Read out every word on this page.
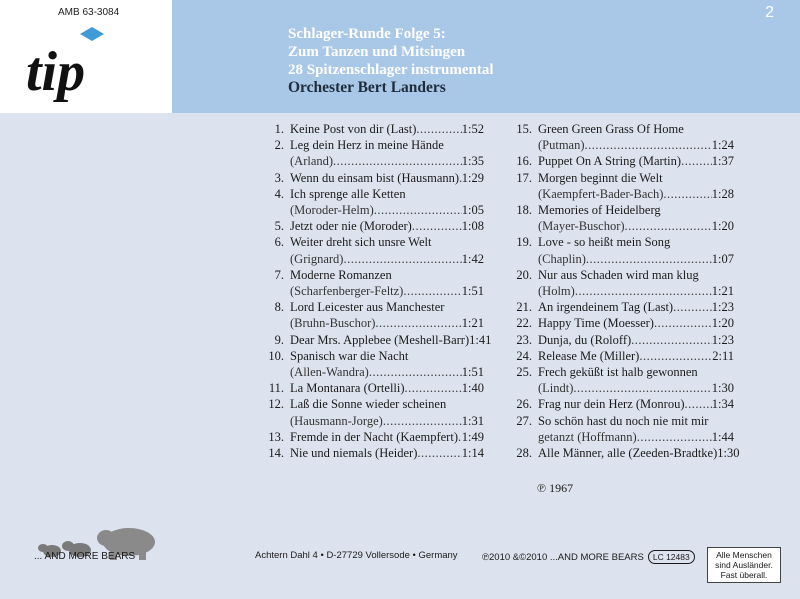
AMB 63-3084
tip
2
Schlager-Runde Folge 5:
Zum Tanzen und Mitsingen
28 Spitzenschlager instrumental
Orchester Bert Landers
1. Keine Post von dir (Last) .....	1:52
2. Leg dein Herz in meine Hände
(Arland) .....	1:35
3. Wenn du einsam bist (Hausmann) ..... 1:29
4. Ich sprenge alle Ketten
(Moroder-Helm) .....	1:05
5. Jetzt oder nie (Moroder) .....	1:08
6. Weiter dreht sich unsre Welt
(Grignard) .....	1:42
7. Moderne Romanzen
(Scharfenberger-Feltz) .....	1:51
8. Lord Leicester aus Manchester
(Bruhn-Buschor) .....	1:21
9. Dear Mrs. Applebee (Meshell-Barr) 1:41
10. Spanisch war die Nacht
(Allen-Wandra) .....	1:51
11. La Montanara (Ortelli) .....	1:40
12. Laß die Sonne wieder scheinen
(Hausmann-Jorge) .....	1:31
13. Fremde in der Nacht (Kaempfert) ..... 1:49
14. Nie und niemals (Heider) .....	1:14
15. Green Green Grass Of Home
(Putman) .....	1:24
16. Puppet On A String (Martin) ..... 1:37
17. Morgen beginnt die Welt
(Kaempfert-Bader-Bach) .....	1:28
18. Memories of Heidelberg
(Mayer-Buschor) .....	1:20
19. Love - so heißt mein Song
(Chaplin) .....	1:07
20. Nur aus Schaden wird man klug
(Holm) .....	1:21
21. An irgendeinem Tag (Last) .....	1:23
22. Happy Time (Moesser) .....	1:20
23. Dunja, du (Roloff) .....	1:23
24. Release Me (Miller) .....	2:11
25. Frech geküßt ist halb gewonnen
(Lindt) .....	1:30
26. Frag nur dein Herz (Monrou) ..... 1:34
27. So schön hast du noch nie mit mir
getanzt (Hoffmann) .....	1:44
28. Alle Männer, alle (Zeeden-Bradtke) 1:30
℗ 1967
... AND MORE BEARS	Achtern Dahl 4 • D-27729 Vollersode • Germany	℗2010 &©2010 ...AND MORE BEARS	LC 12483	Alle Menschen
sind Ausländer.
Fast überall.
